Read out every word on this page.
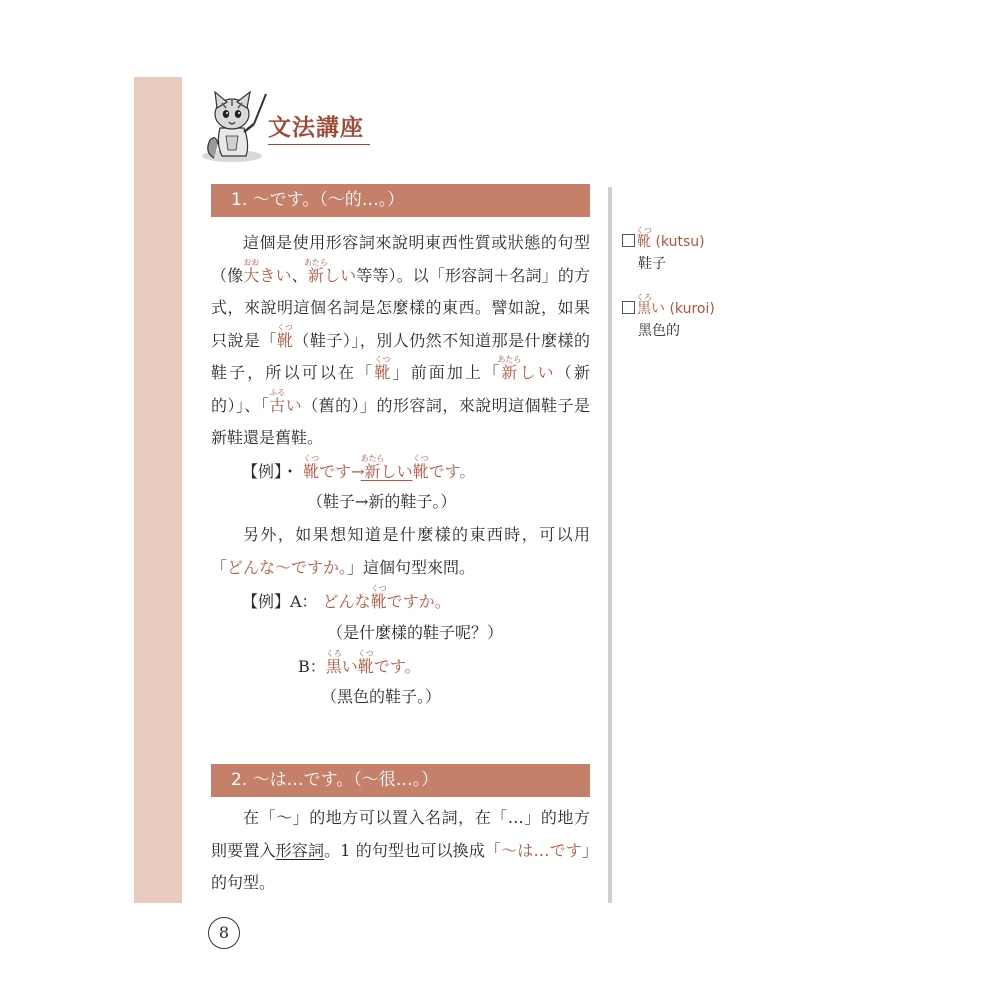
文法講座
1. ～です。（～的…。）

這個是使用形容詞來說明東西性質或狀態的句型（像大おおきい、新あたらしい等等）。以「形容詞＋名詞」的方式，來說明這個名詞是怎麼樣的東西。譬如說，如果只說是「靴くつ（鞋子）」，別人仍然不知道那是什麼樣的鞋子，所以可以在「靴くつ」前面加上「新あたらしい（新的）」、「古ふるい（舊的）」的形容詞，來說明這個鞋子是新鞋還是舊鞋。

【例】・ 靴くつです→新あたらしい靴くつです。
（鞋子→新的鞋子。）

另外，如果想知道是什麼樣的東西時，可以用「どんな～ですか。」這個句型來問。

【例】A： どんな靴くつですか。
（是什麼樣的鞋子呢？）
B：黒くろい靴くつです。
（黑色的鞋子。）
2. ～は…です。（～很…。）

在「～」的地方可以置入名詞，在「…」的地方則要置入形容詞。1 的句型也可以換成「～は…です」的句型。

靴くつ (kutsu)
鞋子
黒くろい (kuroi)
黑色的
8
